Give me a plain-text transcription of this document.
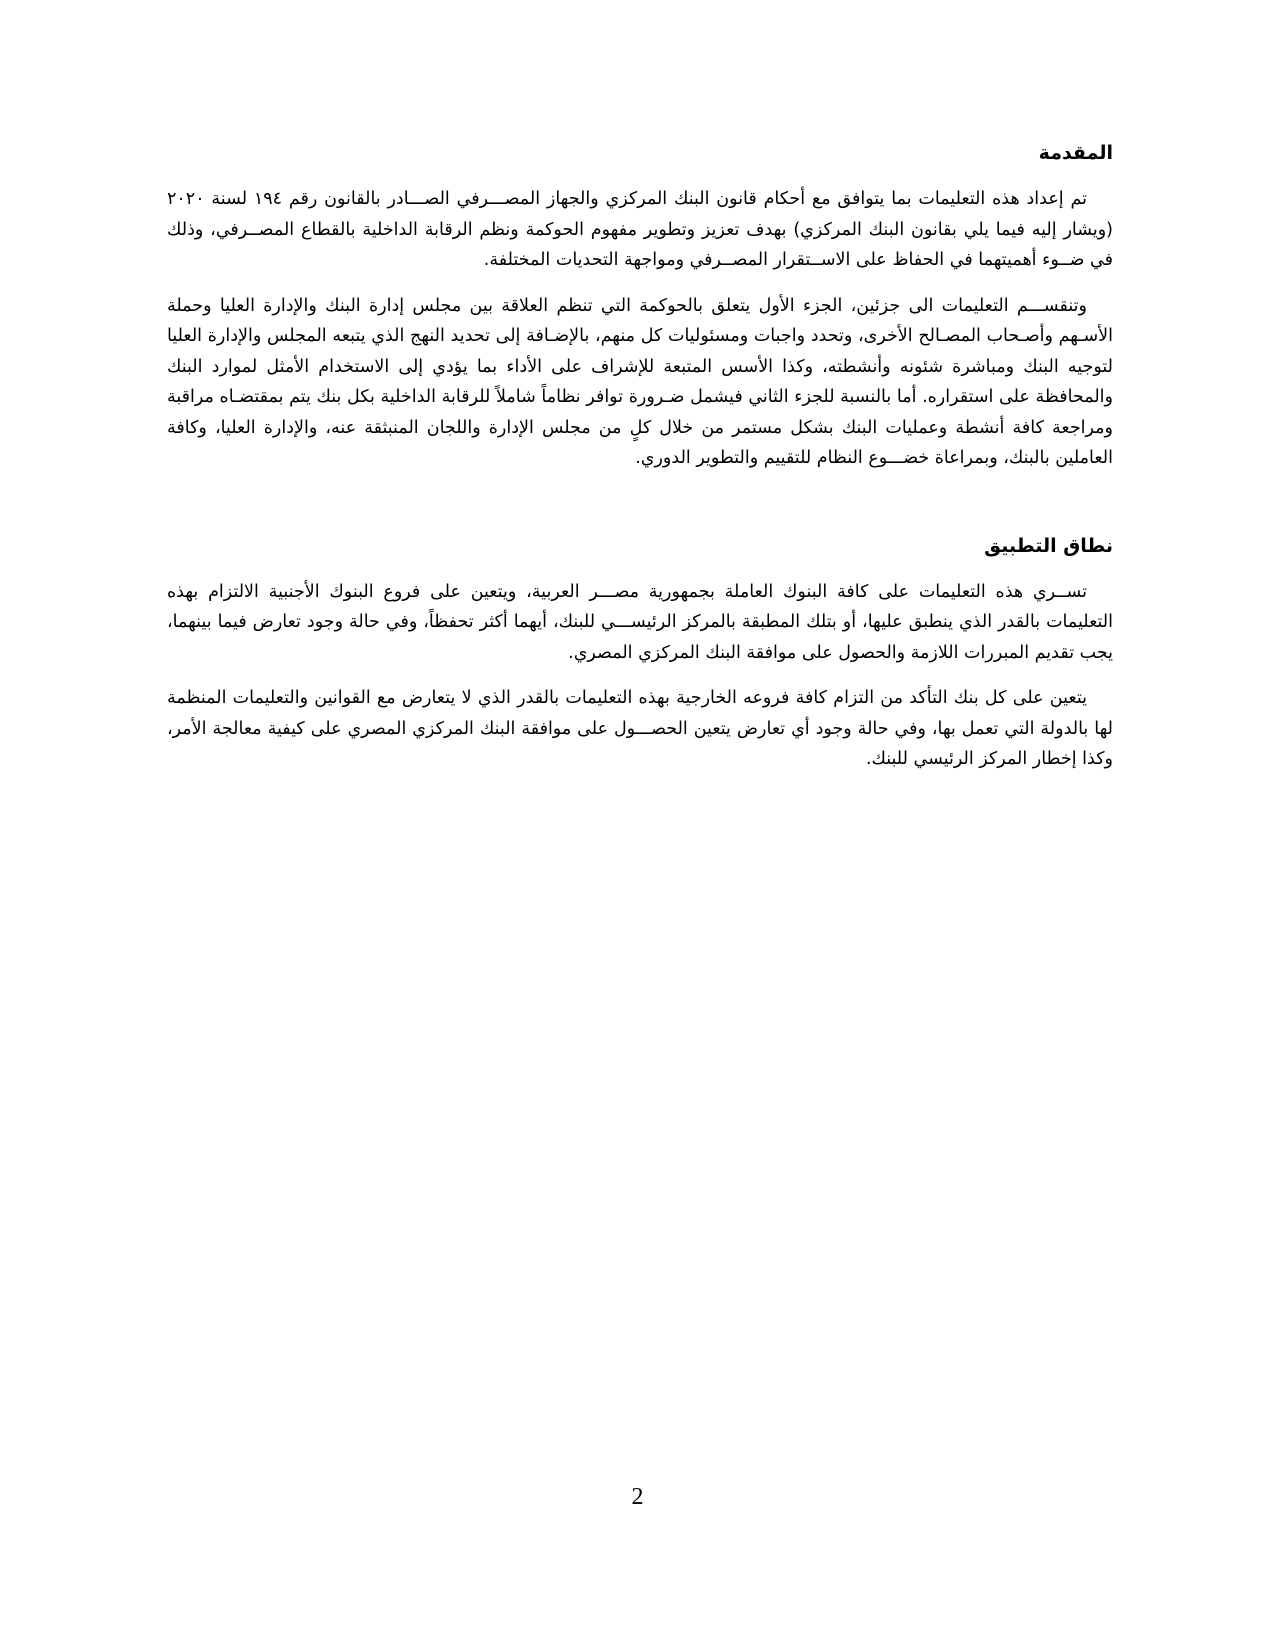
المقدمة

تم إعداد هذه التعليمات بما يتوافق مع أحكام قانون البنك المركزي والجهاز المصـــرفي الصـــادر بالقانون رقم ١٩٤ لسنة ٢٠٢٠ (ويشار إليه فيما يلي بقانون البنك المركزي) بهدف تعزيز وتطوير مفهوم الحوكمة ونظم الرقابة الداخلية بالقطاع المصــرفي، وذلك في ضــوء أهميتهما في الحفاظ على الاســتقرار المصــرفي ومواجهة التحديات المختلفة.

وتنقســـم التعليمات الى جزئين، الجزء الأول يتعلق بالحوكمة التي تنظم العلاقة بين مجلس إدارة البنك والإدارة العليا وحملة الأسـهم وأصـحاب المصـالح الأخرى، وتحدد واجبات ومسئوليات كل منهم، بالإضـافة إلى تحديد النهج الذي يتبعه المجلس والإدارة العليا لتوجيه البنك ومباشرة شئونه وأنشطته، وكذا الأسس المتبعة للإشراف على الأداء بما يؤدي إلى الاستخدام الأمثل لموارد البنك والمحافظة على استقراره. أما بالنسبة للجزء الثاني فيشمل ضـرورة توافر نظاماً شاملاً للرقابة الداخلية بكل بنك يتم بمقتضـاه مراقبة ومراجعة كافة أنشطة وعمليات البنك بشكل مستمر من خلال كلٍ من مجلس الإدارة واللجان المنبثقة عنه، والإدارة العليا، وكافة العاملين بالبنك، وبمراعاة خضـــوع النظام للتقييم والتطوير الدوري.

نطاق التطبيق

تســري هذه التعليمات على كافة البنوك العاملة بجمهورية مصـــر العربية، ويتعين على فروع البنوك الأجنبية الالتزام بهذه التعليمات بالقدر الذي ينطبق عليها، أو بتلك المطبقة بالمركز الرئيســـي للبنك، أيهما أكثر تحفظاً، وفي حالة وجود تعارض فيما بينهما، يجب تقديم المبررات اللازمة والحصول على موافقة البنك المركزي المصري.

يتعين على كل بنك التأكد من التزام كافة فروعه الخارجية بهذه التعليمات بالقدر الذي لا يتعارض مع القوانين والتعليمات المنظمة لها بالدولة التي تعمل بها، وفي حالة وجود أي تعارض يتعين الحصـــول على موافقة البنك المركزي المصري على كيفية معالجة الأمر، وكذا إخطار المركز الرئيسي للبنك.

2
